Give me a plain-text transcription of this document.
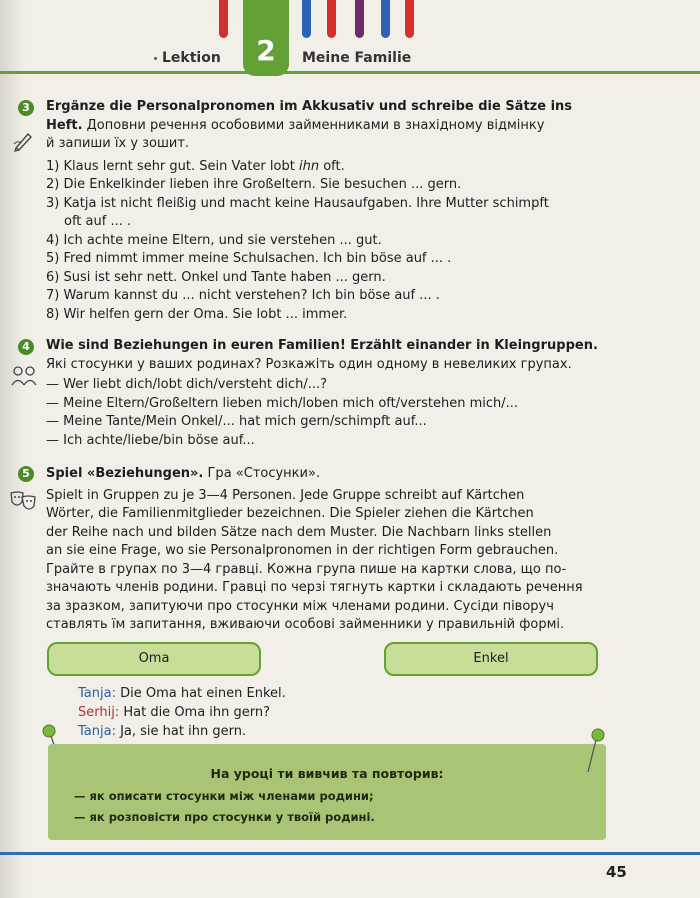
Lektion	2	Meine Familie
3	Ergänze die Personalpronomen im Akkusativ und schreibe die Sätze ins
Heft. Доповни речення особовими займенниками в знахідному відмінку
й запиши їх у зошит.
1) Klaus lernt sehr gut. Sein Vater lobt ihn oft.
2) Die Enkelkinder lieben ihre Großeltern. Sie besuchen ... gern.
3) Katja ist nicht fleißig und macht keine Hausaufgaben. Ihre Mutter schimpft
oft auf ... .
4) Ich achte meine Eltern, und sie verstehen ... gut.
5) Fred nimmt immer meine Schulsachen. Ich bin böse auf ... .
6) Susi ist sehr nett. Onkel und Tante haben ... gern.
7) Warum kannst du ... nicht verstehen? Ich bin böse auf ... .
8) Wir helfen gern der Oma. Sie lobt ... immer.
4	Wie sind Beziehungen in euren Familien! Erzählt einander in Kleingruppen.
Які стосунки у ваших родинах? Розкажіть один одному в невеликих групах.
— Wer liebt dich/lobt dich/versteht dich/...?
— Meine Eltern/Großeltern lieben mich/loben mich oft/verstehen mich/...
— Meine Tante/Mein Onkel/... hat mich gern/schimpft auf...
— Ich achte/liebe/bin böse auf...
5	Spiel «Beziehungen». Гра «Стосунки».
Spielt in Gruppen zu je 3—4 Personen. Jede Gruppe schreibt auf Kärtchen
Wörter, die Familienmitglieder bezeichnen. Die Spieler ziehen die Kärtchen
der Reihe nach und bilden Sätze nach dem Muster. Die Nachbarn links stellen
an sie eine Frage, wo sie Personalpronomen in der richtigen Form gebrauchen.
Грайте в групах по 3—4 гравці. Кожна група пише на картки слова, що по-
значають членів родини. Гравці по черзі тягнуть картки і складають речення
за зразком, запитуючи про стосунки між членами родини. Сусіди півoруч
ставлять їм запитання, вживаючи особові займенники у правильній формі.
Oma	Enkel
Tanja: Die Oma hat einen Enkel.
Serhij: Hat die Oma ihn gern?
Tanja: Ja, sie hat ihn gern.
На уроці ти вивчив та повторив:
— як описати стосунки між членами родини;
— як розповісти про стосунки у твоїй родині.
45
